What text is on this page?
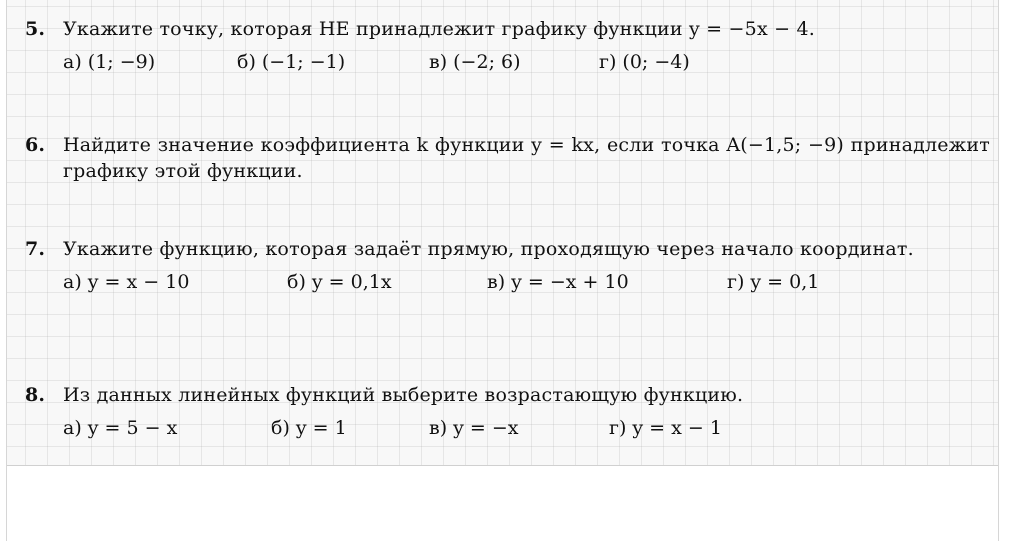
5. Укажите точку, которая НЕ принадлежит графику функции y = −5x − 4.
а) (1; −9)	б) (−1; −1)	в) (−2; 6)	г) (0; −4)
6. Найдите значение коэффициента k функции y = kx, если точка A(−1,5; −9) принадлежит графику этой функции.
7. Укажите функцию, которая задаёт прямую, проходящую через начало координат.
а) y = x − 10	б) y = 0,1x	в) y = −x + 10	г) y = 0,1
8. Из данных линейных функций выберите возрастающую функцию.
а) y = 5 − x	б) y = 1	в) y = −x	г) y = x − 1
